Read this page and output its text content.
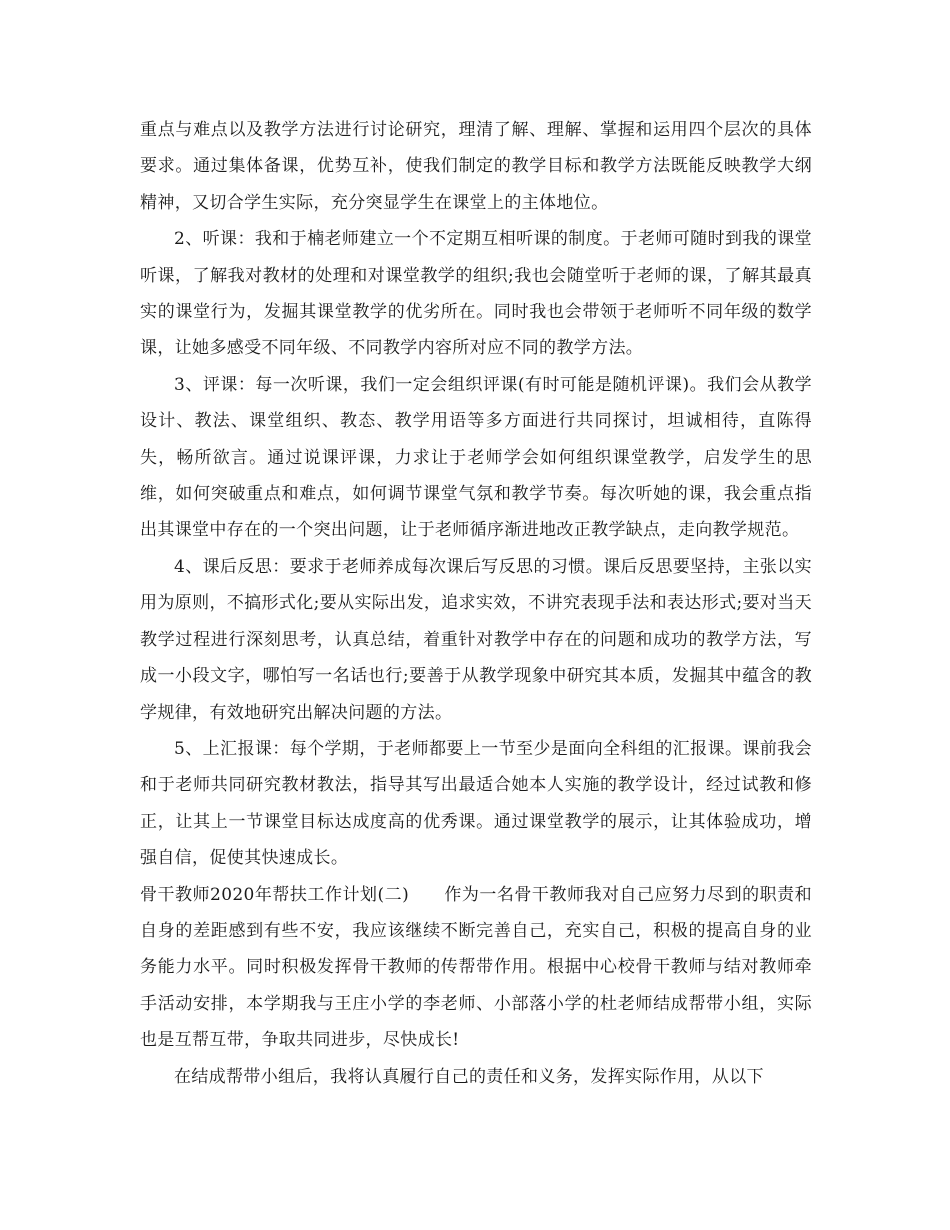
重点与难点以及教学方法进行讨论研究，理清了解、理解、掌握和运用四个层次的具体要求。通过集体备课，优势互补，使我们制定的教学目标和教学方法既能反映教学大纲精神，又切合学生实际，充分突显学生在课堂上的主体地位。

2、听课：我和于楠老师建立一个不定期互相听课的制度。于老师可随时到我的课堂听课，了解我对教材的处理和对课堂教学的组织;我也会随堂听于老师的课，了解其最真实的课堂行为，发掘其课堂教学的优劣所在。同时我也会带领于老师听不同年级的数学课，让她多感受不同年级、不同教学内容所对应不同的教学方法。

3、评课：每一次听课，我们一定会组织评课(有时可能是随机评课)。我们会从教学设计、教法、课堂组织、教态、教学用语等多方面进行共同探讨，坦诚相待，直陈得失，畅所欲言。通过说课评课，力求让于老师学会如何组织课堂教学，启发学生的思维，如何突破重点和难点，如何调节课堂气氛和教学节奏。每次听她的课，我会重点指出其课堂中存在的一个突出问题，让于老师循序渐进地改正教学缺点，走向教学规范。

4、课后反思：要求于老师养成每次课后写反思的习惯。课后反思要坚持，主张以实用为原则，不搞形式化;要从实际出发，追求实效，不讲究表现手法和表达形式;要对当天教学过程进行深刻思考，认真总结，着重针对教学中存在的问题和成功的教学方法，写成一小段文字，哪怕写一名话也行;要善于从教学现象中研究其本质，发掘其中蕴含的教学规律，有效地研究出解决问题的方法。

5、上汇报课：每个学期，于老师都要上一节至少是面向全科组的汇报课。课前我会和于老师共同研究教材教法，指导其写出最适合她本人实施的教学设计，经过试教和修正，让其上一节课堂目标达成度高的优秀课。通过课堂教学的展示，让其体验成功，增强自信，促使其快速成长。

骨干教师2020年帮扶工作计划(二)　　作为一名骨干教师我对自己应努力尽到的职责和自身的差距感到有些不安，我应该继续不断完善自己，充实自己，积极的提高自身的业务能力水平。同时积极发挥骨干教师的传帮带作用。根据中心校骨干教师与结对教师牵手活动安排，本学期我与王庄小学的李老师、小部落小学的杜老师结成帮带小组，实际也是互帮互带，争取共同进步，尽快成长!

在结成帮带小组后，我将认真履行自己的责任和义务，发挥实际作用，从以下
